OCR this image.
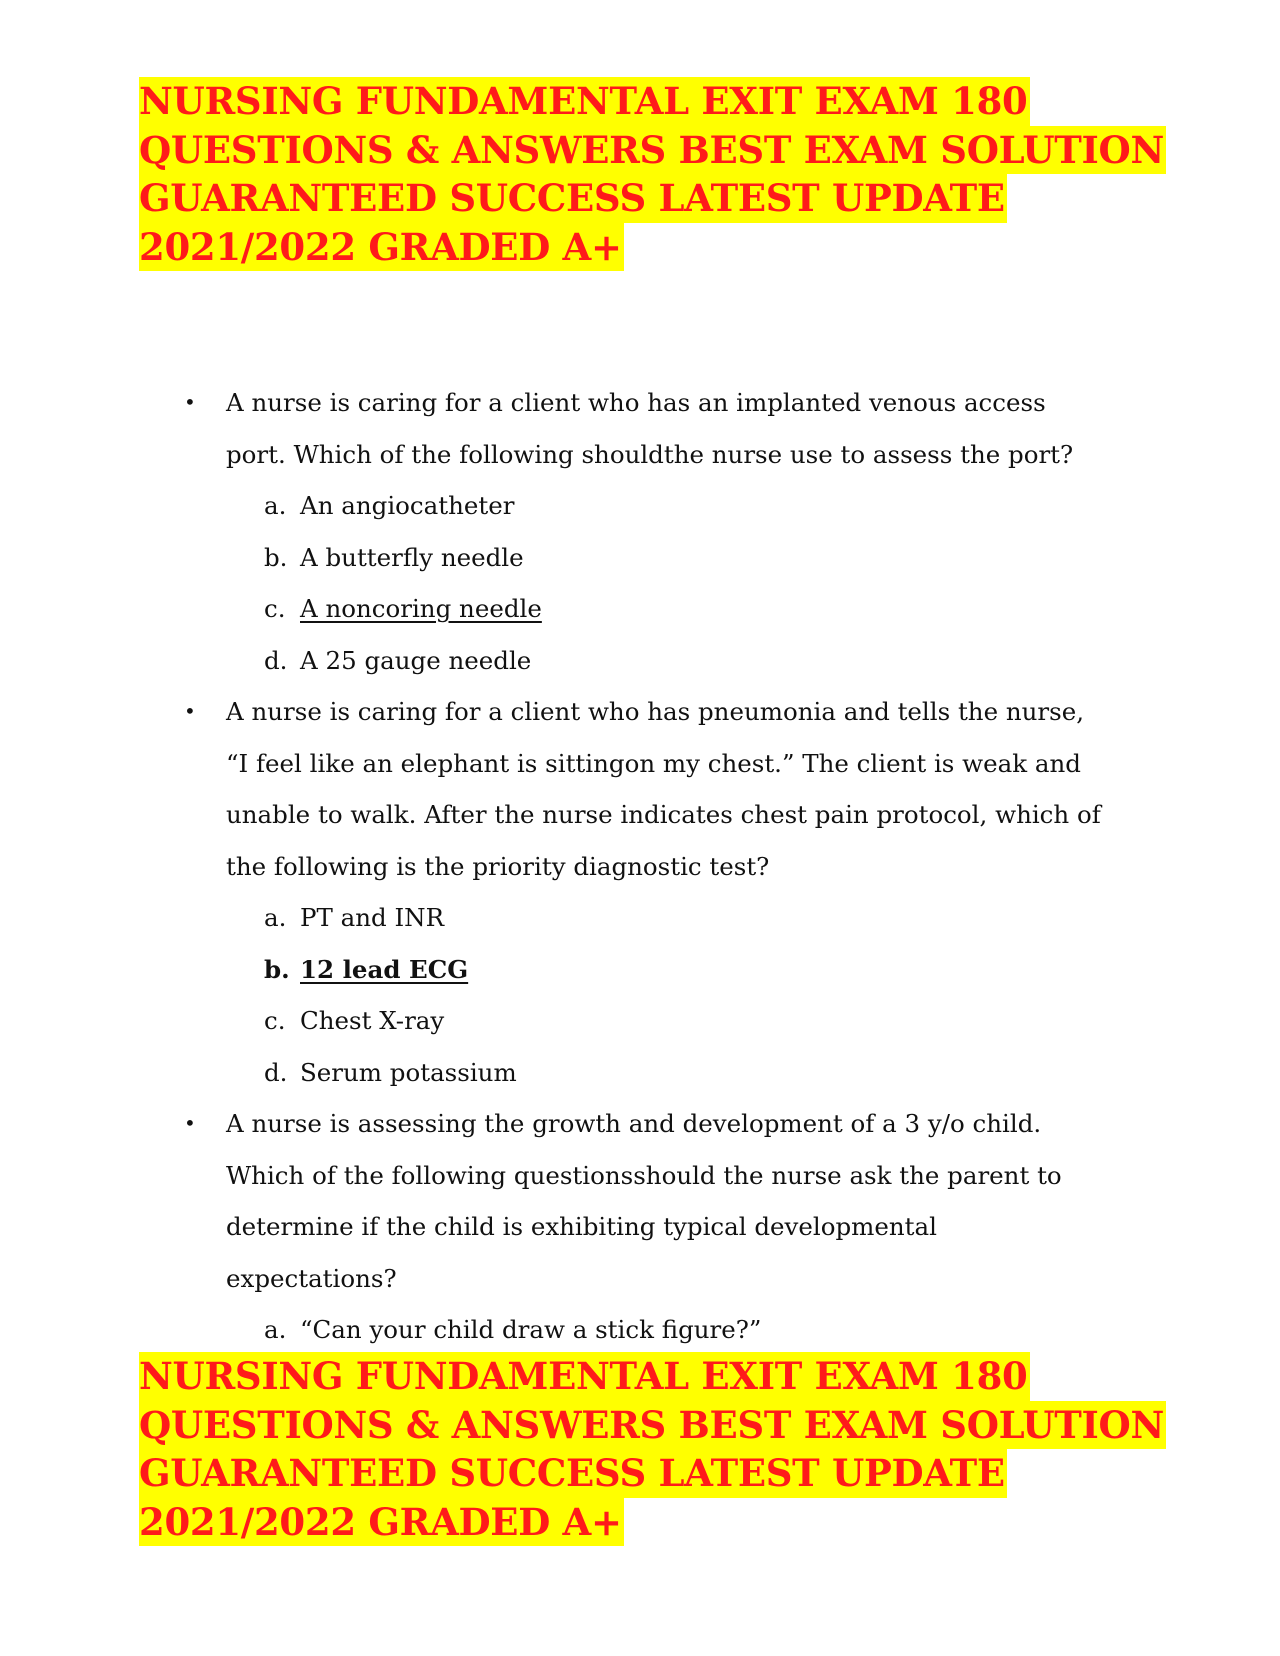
NURSING FUNDAMENTAL EXIT EXAM 180
QUESTIONS & ANSWERS BEST EXAM SOLUTION
GUARANTEED SUCCESS LATEST UPDATE
2021/2022 GRADED A+
• A nurse is caring for a client who has an implanted venous access port. Which of the following shouldthe nurse use to assess the port?
a. An angiocatheter
b. A butterfly needle
c. A noncoring needle
d. A 25 gauge needle
• A nurse is caring for a client who has pneumonia and tells the nurse, “I feel like an elephant is sittingon my chest.” The client is weak and unable to walk. After the nurse indicates chest pain protocol, which of the following is the priority diagnostic test?
a. PT and INR
b. 12 lead ECG
c. Chest X-ray
d. Serum potassium
• A nurse is assessing the growth and development of a 3 y/o child. Which of the following questionsshould the nurse ask the parent to determine if the child is exhibiting typical developmental expectations?
a. “Can your child draw a stick figure?”
NURSING FUNDAMENTAL EXIT EXAM 180
QUESTIONS & ANSWERS BEST EXAM SOLUTION
GUARANTEED SUCCESS LATEST UPDATE
2021/2022 GRADED A+
